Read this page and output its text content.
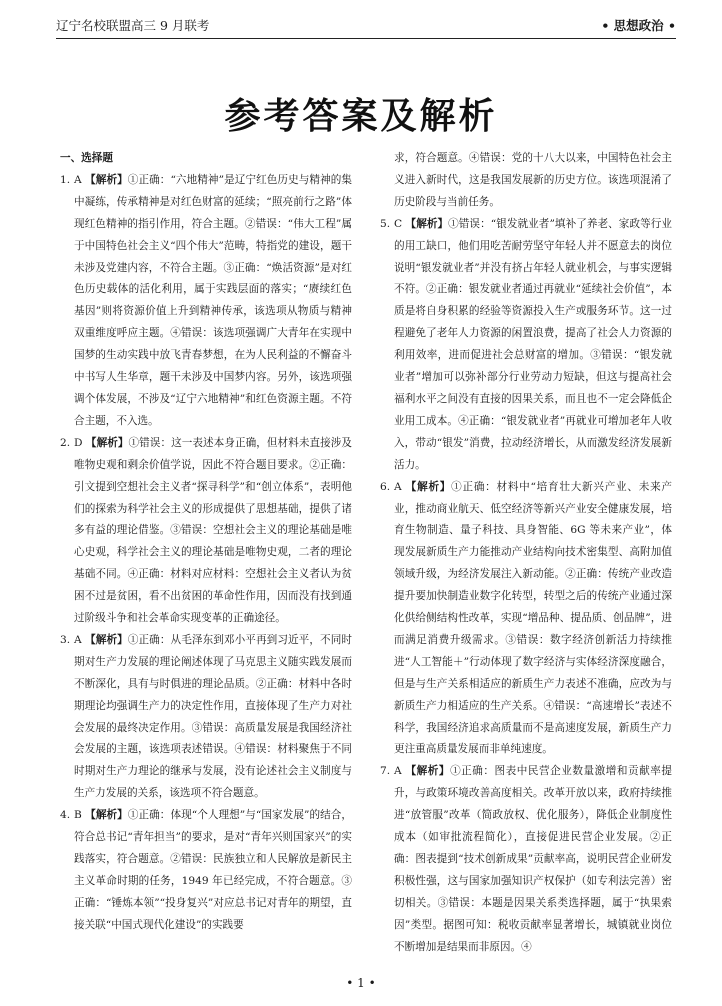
辽宁名校联盟高三 9 月联考	• 思想政治 •
参考答案及解析

一、选择题

1. A 【解析】①正确：“六地精神”是辽宁红色历史与精神的集中凝练，传承精神是对红色财富的延续；“照亮前行之路”体现红色精神的指引作用，符合主题。②错误：“伟大工程”属于中国特色社会主义“四个伟大”范畴，特指党的建设，题干未涉及党建内容，不符合主题。③正确：“焕活资源”是对红色历史载体的活化利用，属于实践层面的落实；“赓续红色基因”则将资源价值上升到精神传承，该选项从物质与精神双重维度呼应主题。④错误：该选项强调广大青年在实现中国梦的生动实践中放飞青春梦想，在为人民利益的不懈奋斗中书写人生华章，题干未涉及中国梦内容。另外，该选项强调个体发展，不涉及“辽宁六地精神”和红色资源主题。不符合主题，不入选。

2. D 【解析】①错误：这一表述本身正确，但材料未直接涉及唯物史观和剩余价值学说，因此不符合题目要求。②正确：引文提到空想社会主义者“探寻科学”和“创立体系”，表明他们的探索为科学社会主义的形成提供了思想基础，提供了诸多有益的理论借鉴。③错误：空想社会主义的理论基础是唯心史观，科学社会主义的理论基础是唯物史观，二者的理论基础不同。④正确：材料对应材料：空想社会主义者认为贫困不过是贫困，看不出贫困的革命性作用，因而没有找到通过阶级斗争和社会革命实现变革的正确途径。

3. A 【解析】①正确：从毛泽东到邓小平再到习近平，不同时期对生产力发展的理论阐述体现了马克思主义随实践发展而不断深化，具有与时俱进的理论品质。②正确：材料中各时期理论均强调生产力的决定性作用，直接体现了生产力对社会发展的最终决定作用。③错误：高质量发展是我国经济社会发展的主题，该选项表述错误。④错误：材料聚焦于不同时期对生产力理论的继承与发展，没有论述社会主义制度与生产力发展的关系，该选项不符合题意。

4. B 【解析】①正确：体现“个人理想”与“国家发展”的结合，符合总书记“青年担当”的要求，是对“青年兴则国家兴”的实践落实，符合题意。②错误：民族独立和人民解放是新民主主义革命时期的任务，1949 年已经完成，不符合题意。③正确：“锤炼本领”“投身复兴”对应总书记对青年的期望，直接关联“中国式现代化建设”的实践要

求，符合题意。④错误：党的十八大以来，中国特色社会主义进入新时代，这是我国发展新的历史方位。该选项混淆了历史阶段与当前任务。

5. C 【解析】①错误：“银发就业者”填补了养老、家政等行业的用工缺口，他们用吃苦耐劳坚守年轻人并不愿意去的岗位说明“银发就业者”并没有挤占年轻人就业机会，与事实逻辑不符。②正确：银发就业者通过再就业“延续社会价值”，本质是将自身积累的经验等资源投入生产或服务环节。这一过程避免了老年人力资源的闲置浪费，提高了社会人力资源的利用效率，进而促进社会总财富的增加。③错误：“银发就业者”增加可以弥补部分行业劳动力短缺，但这与提高社会福利水平之间没有直接的因果关系，而且也不一定会降低企业用工成本。④正确：“银发就业者”再就业可增加老年人收入，带动“银发”消费，拉动经济增长，从而激发经济发展新活力。

6. A 【解析】①正确：材料中“培育壮大新兴产业、未来产业，推动商业航天、低空经济等新兴产业安全健康发展，培育生物制造、量子科技、具身智能、6G 等未来产业”，体现发展新质生产力能推动产业结构向技术密集型、高附加值领域升级，为经济发展注入新动能。②正确：传统产业改造提升要加快制造业数字化转型，转型之后的传统产业通过深化供给侧结构性改革，实现“增品种、提品质、创品牌”，进而满足消费升级需求。③错误：数字经济创新活力持续推进“人工智能＋”行动体现了数字经济与实体经济深度融合，但是与生产关系相适应的新质生产力表述不准确，应改为与新质生产力相适应的生产关系。④错误：“高速增长”表述不科学，我国经济追求高质量而不是高速度发展，新质生产力更注重高质量发展而非单纯速度。

7. A 【解析】①正确：图表中民营企业数量激增和贡献率提升，与政策环境改善高度相关。改革开放以来，政府持续推进“放管服”改革（简政放权、优化服务），降低企业制度性成本（如审批流程简化），直接促进民营企业发展。②正确：图表提到“技术创新成果”贡献率高，说明民营企业研发积极性强，这与国家加强知识产权保护（如专利法完善）密切相关。③错误：本题是因果关系类选择题，属于“执果索因”类型。据图可知：税收贡献率显著增长，城镇就业岗位不断增加是结果而非原因。④

• 1 •
